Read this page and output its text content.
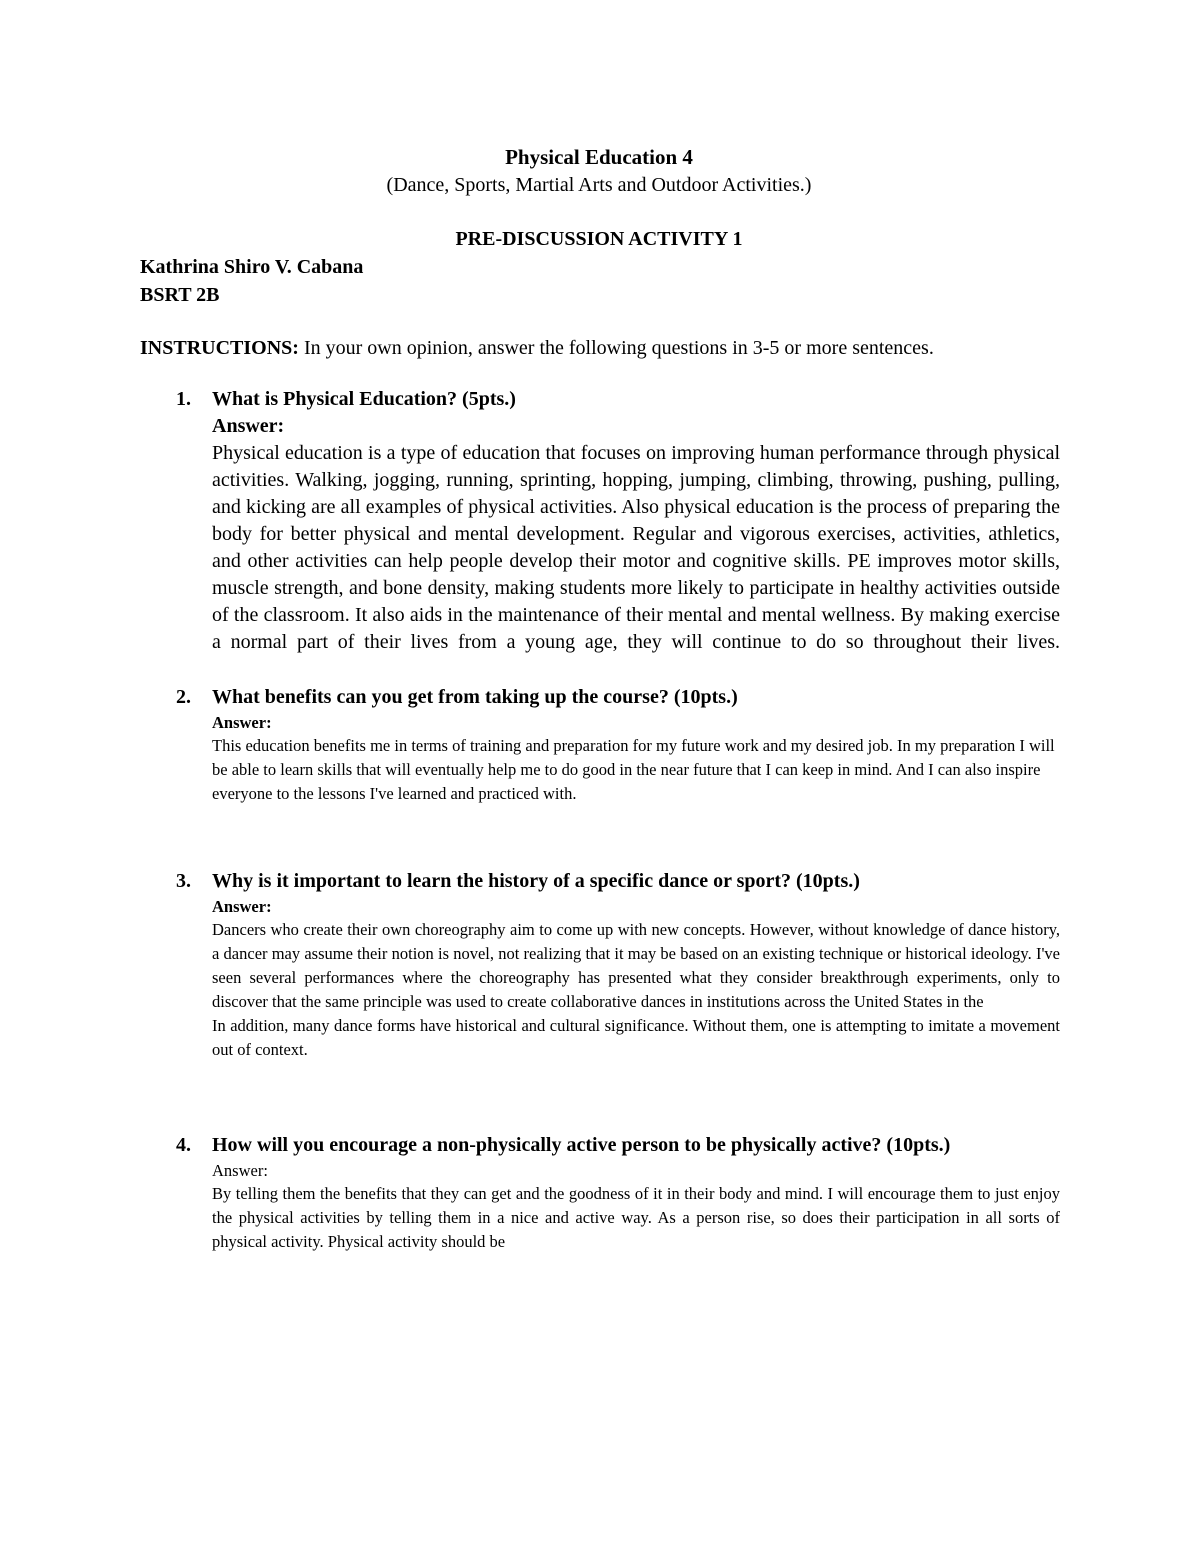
Physical Education 4

(Dance, Sports, Martial Arts and Outdoor Activities.)

PRE-DISCUSSION ACTIVITY 1

Kathrina Shiro V. Cabana

BSRT 2B

INSTRUCTIONS: In your own opinion, answer the following questions in 3-5 or more sentences.

1. What is Physical Education? (5pts.)

Answer:

Physical education is a type of education that focuses on improving human performance through physical activities. Walking, jogging, running, sprinting, hopping, jumping, climbing, throwing, pushing, pulling, and kicking are all examples of physical activities. Also physical education is the process of preparing the body for better physical and mental development. Regular and vigorous exercises, activities, athletics, and other activities can help people develop their motor and cognitive skills. PE improves motor skills, muscle strength, and bone density, making students more likely to participate in healthy activities outside of the classroom. It also aids in the maintenance of their mental and mental wellness. By making exercise a normal part of their lives from a young age, they will continue to do so throughout their lives.

2. What benefits can you get from taking up the course? (10pts.)

Answer:

This education benefits me in terms of training and preparation for my future work and my desired job. In my preparation I will be able to learn skills that will eventually help me to do good in the near future that I can keep in mind. And I can also inspire everyone to the lessons I've learned and practiced with.

3. Why is it important to learn the history of a specific dance or sport? (10pts.)

Answer:

Dancers who create their own choreography aim to come up with new concepts. However, without knowledge of dance history, a dancer may assume their notion is novel, not realizing that it may be based on an existing technique or historical ideology. I've seen several performances where the choreography has presented what they consider breakthrough experiments, only to discover that the same principle was used to create collaborative dances in institutions across the United States in the

In addition, many dance forms have historical and cultural significance. Without them, one is attempting to imitate a movement out of context.

4. How will you encourage a non-physically active person to be physically active? (10pts.)

Answer:

By telling them the benefits that they can get and the goodness of it in their body and mind. I will encourage them to just enjoy the physical activities by telling them in a nice and active way. As a person rise, so does their participation in all sorts of physical activity. Physical activity should be
